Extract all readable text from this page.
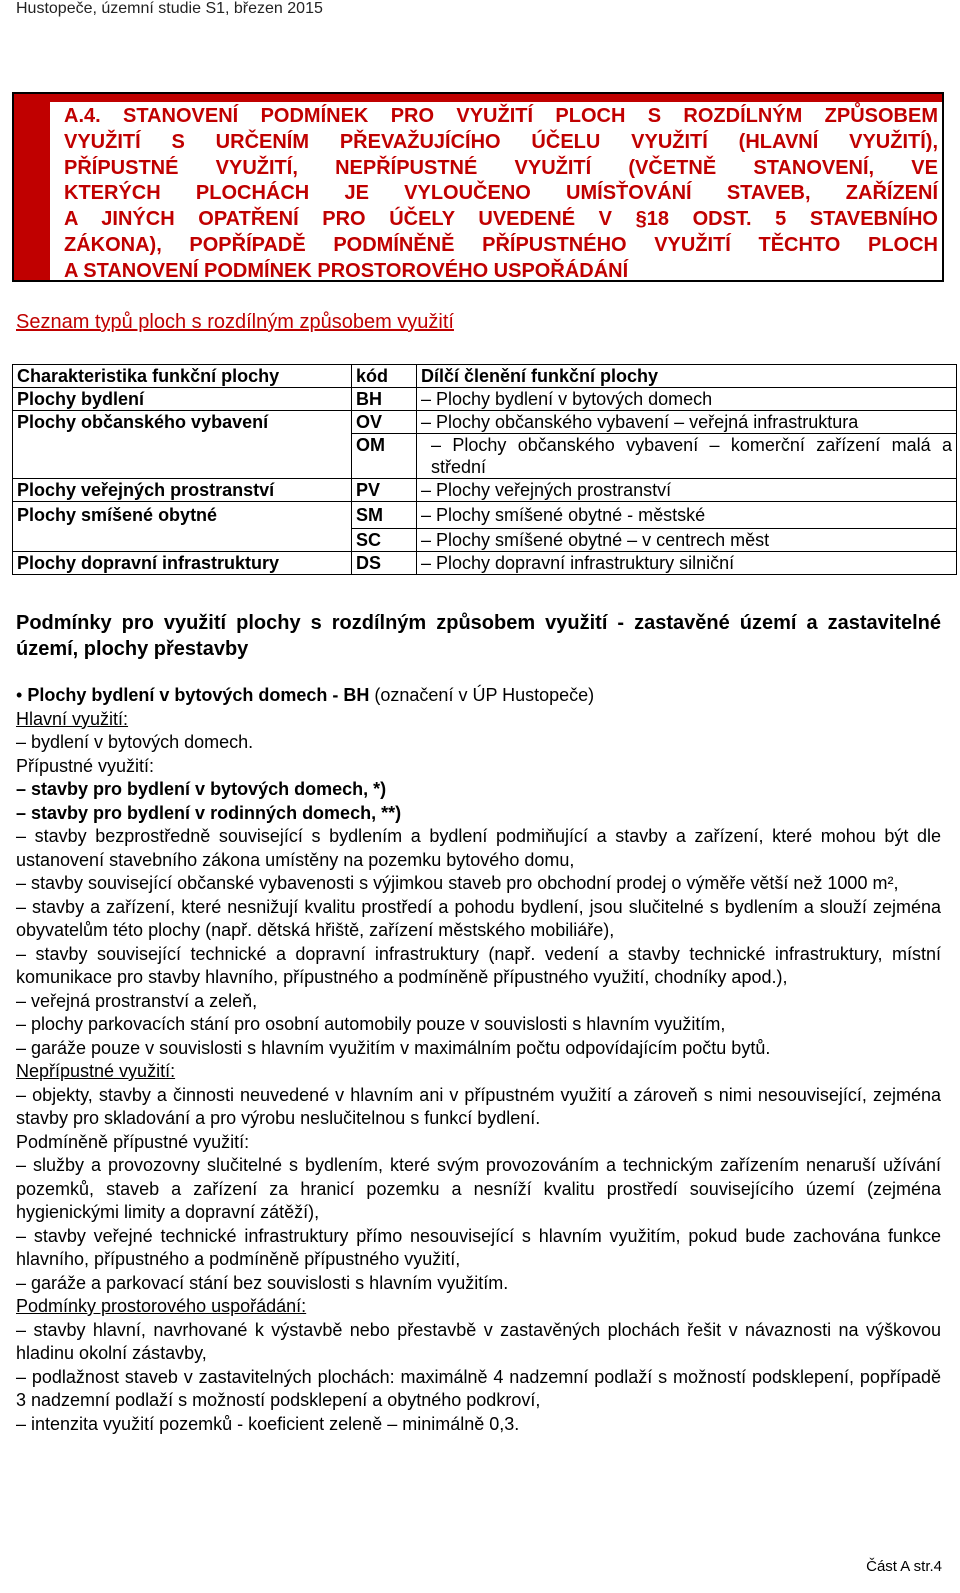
Hustopeče, územní studie S1, březen 2015
A.4. STANOVENÍ PODMÍNEK PRO VYUŽITÍ PLOCH S ROZDÍLNÝM ZPŮSOBEM
VYUŽITÍ S URČENÍM PŘEVAŽUJÍCÍHO ÚČELU VYUŽITÍ (HLAVNÍ VYUŽITÍ),
PŘÍPUSTNÉ VYUŽITÍ, NEPŘÍPUSTNÉ VYUŽITÍ (VČETNĚ STANOVENÍ, VE
KTERÝCH PLOCHÁCH JE VYLOUČENO UMÍSŤOVÁNÍ STAVEB, ZAŘÍZENÍ
A JINÝCH OPATŘENÍ PRO ÚČELY UVEDENÉ V §18 ODST. 5 STAVEBNÍHO
ZÁKONA), POPŘÍPADĚ PODMÍNĚNĚ PŘÍPUSTNÉHO VYUŽITÍ TĚCHTO PLOCH
A STANOVENÍ PODMÍNEK PROSTOROVÉHO USPOŘÁDÁNÍ
Seznam typů ploch s rozdílným způsobem využití
Charakteristika funkční plochy	kód	Dílčí členění funkční plochy
Plochy bydlení	BH	– Plochy bydlení v bytových domech
Plochy občanského vybavení	OV	– Plochy občanského vybavení – veřejná infrastruktura
	OM	– Plochy občanského vybavení – komerční zařízení malá a střední
Plochy veřejných prostranství	PV	– Plochy veřejných prostranství
Plochy smíšené obytné	SM	– Plochy smíšené obytné - městské
	SC	– Plochy smíšené obytné – v centrech měst
Plochy dopravní infrastruktury	DS	– Plochy dopravní infrastruktury silniční
Podmínky pro využití plochy s rozdílným způsobem využití - zastavěné území a zastavitelné území, plochy přestavby

• Plochy bydlení v bytových domech - BH (označení v ÚP Hustopeče)

Hlavní využití:

– bydlení v bytových domech.

Přípustné využití:

– stavby pro bydlení v bytových domech, *)

– stavby pro bydlení v rodinných domech, **)

– stavby bezprostředně související s bydlením a bydlení podmiňující a stavby a zařízení, které mohou být dle ustanovení stavebního zákona umístěny na pozemku bytového domu,

– stavby související občanské vybavenosti s výjimkou staveb pro obchodní prodej o výměře větší než 1000 m²,

– stavby a zařízení, které nesnižují kvalitu prostředí a pohodu bydlení, jsou slučitelné s bydlením a slouží zejména obyvatelům této plochy (např. dětská hřiště, zařízení městského mobiliáře),

– stavby související technické a dopravní infrastruktury (např. vedení a stavby technické infrastruktury, místní komunikace pro stavby hlavního, přípustného a podmíněně přípustného využití, chodníky apod.),

– veřejná prostranství a zeleň,

– plochy parkovacích stání pro osobní automobily pouze v souvislosti s hlavním využitím,

– garáže pouze v souvislosti s hlavním využitím v maximálním počtu odpovídajícím počtu bytů.

Nepřípustné využití:

– objekty, stavby a činnosti neuvedené v hlavním ani v přípustném využití a zároveň s nimi nesouvisející, zejména stavby pro skladování a pro výrobu neslučitelnou s funkcí bydlení.

Podmíněně přípustné využití:

– služby a provozovny slučitelné s bydlením, které svým provozováním a technickým zařízením nenaruší užívání pozemků, staveb a zařízení za hranicí pozemku a nesníží kvalitu prostředí souvisejícího území (zejména hygienickými limity a dopravní zátěží),

– stavby veřejné technické infrastruktury přímo nesouvisející s hlavním využitím, pokud bude zachována funkce hlavního, přípustného a podmíněně přípustného využití,

– garáže a parkovací stání bez souvislosti s hlavním využitím.

Podmínky prostorového uspořádání:

– stavby hlavní, navrhované k výstavbě nebo přestavbě v zastavěných plochách řešit v návaznosti na výškovou hladinu okolní zástavby,

– podlažnost staveb v zastavitelných plochách: maximálně 4 nadzemní podlaží s možností podsklepení, popřípadě 3 nadzemní podlaží s možností podsklepení a obytného podkroví,

– intenzita využití pozemků - koeficient zeleně – minimálně 0,3.

Část A str.4
